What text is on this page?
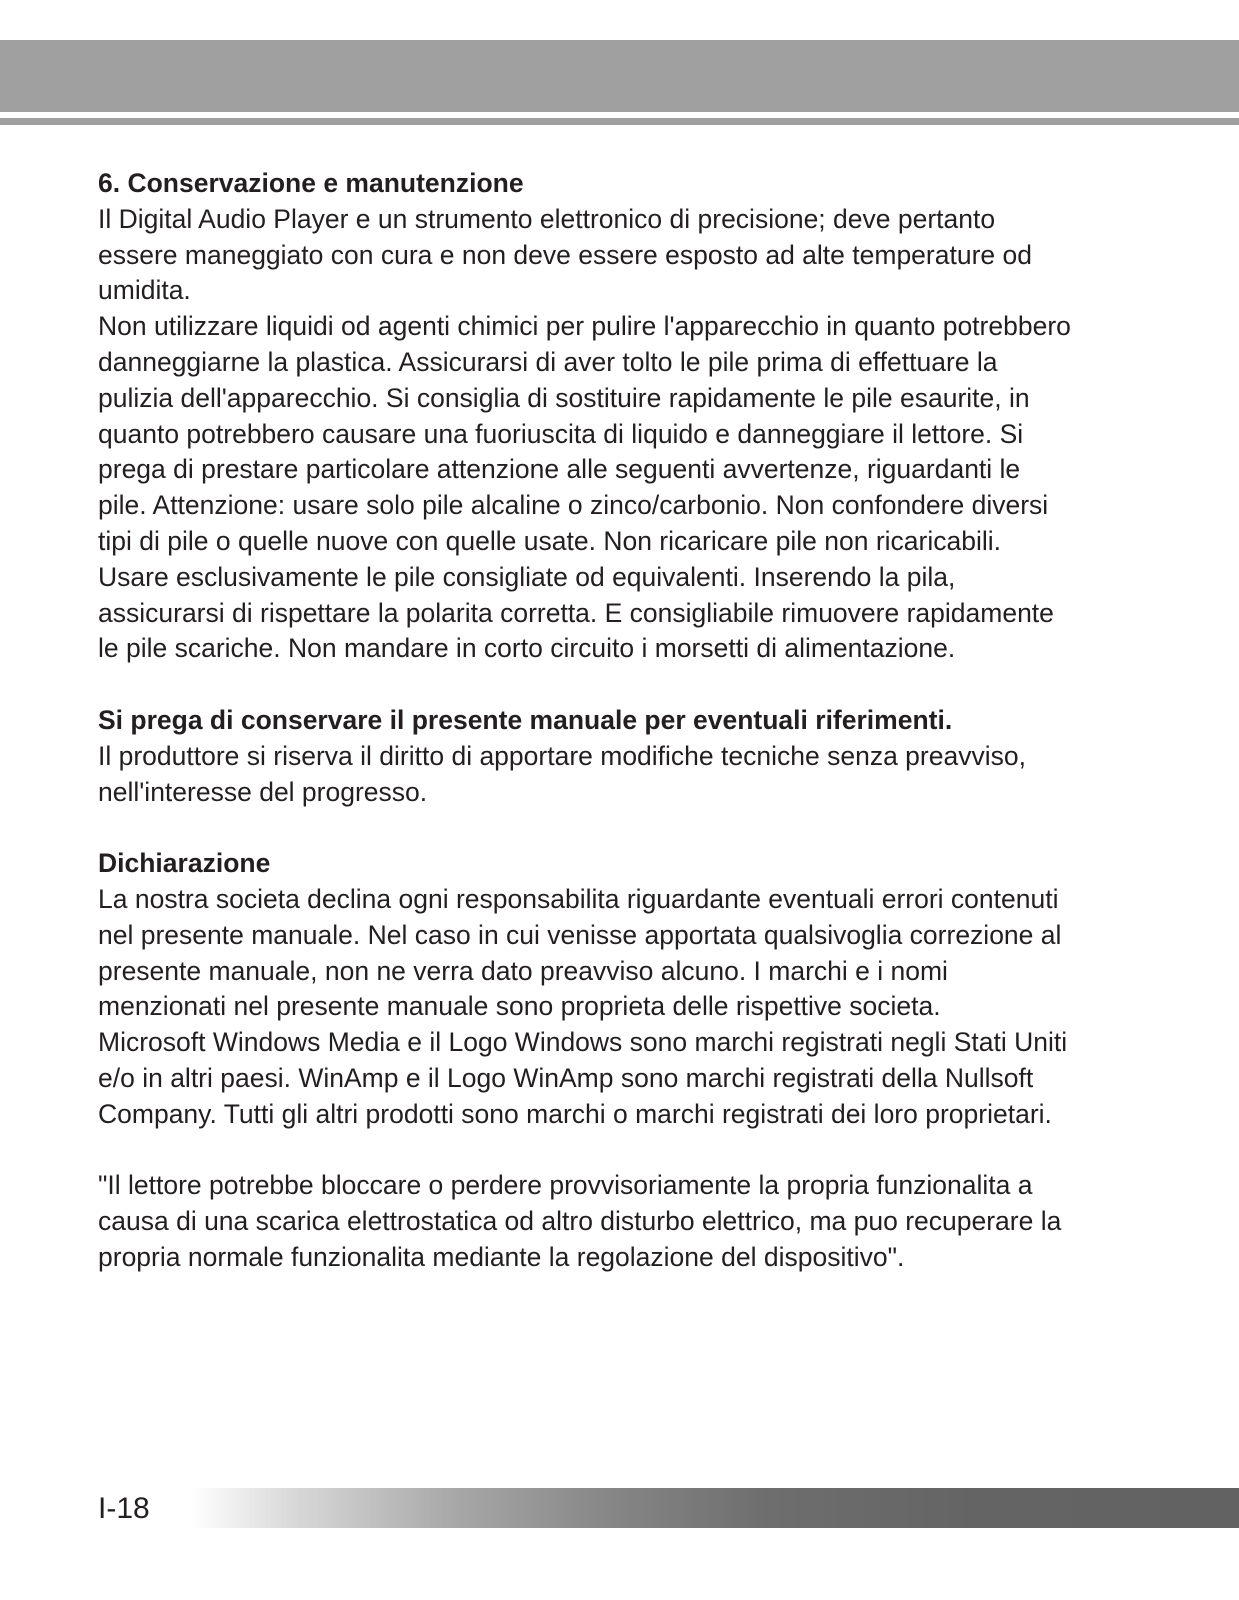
6. Conservazione e manutenzione

Il Digital Audio Player e un strumento elettronico di precisione; deve pertanto
essere maneggiato con cura e non deve essere esposto ad alte temperature od
umidita.

Non utilizzare liquidi od agenti chimici per pulire l'apparecchio in quanto potrebbero
danneggiarne la plastica. Assicurarsi di aver tolto le pile prima di effettuare la
pulizia dell'apparecchio. Si consiglia di sostituire rapidamente le pile esaurite, in
quanto potrebbero causare una fuoriuscita di liquido e danneggiare il lettore. Si
prega di prestare particolare attenzione alle seguenti avvertenze, riguardanti le
pile. Attenzione: usare solo pile alcaline o zinco/carbonio. Non confondere diversi
tipi di pile o quelle nuove con quelle usate. Non ricaricare pile non ricaricabili.
Usare esclusivamente le pile consigliate od equivalenti. Inserendo la pila,
assicurarsi di rispettare la polarita corretta. E consigliabile rimuovere rapidamente
le pile scariche. Non mandare in corto circuito i morsetti di alimentazione.

Si prega di conservare il presente manuale per eventuali riferimenti.

Il produttore si riserva il diritto di apportare modifiche tecniche senza preavviso,
nell'interesse del progresso.

Dichiarazione

La nostra societa declina ogni responsabilita riguardante eventuali errori contenuti
nel presente manuale. Nel caso in cui venisse apportata qualsivoglia correzione al
presente manuale, non ne verra dato preavviso alcuno. I marchi e i nomi
menzionati nel presente manuale sono proprieta delle rispettive societa.
Microsoft Windows Media e il Logo Windows sono marchi registrati negli Stati Uniti
e/o in altri paesi. WinAmp e il Logo WinAmp sono marchi registrati della Nullsoft
Company. Tutti gli altri prodotti sono marchi o marchi registrati dei loro proprietari.

"Il lettore potrebbe bloccare o perdere provvisoriamente la propria funzionalita a
causa di una scarica elettrostatica od altro disturbo elettrico, ma puo recuperare la
propria normale funzionalita mediante la regolazione del dispositivo".

I-18
